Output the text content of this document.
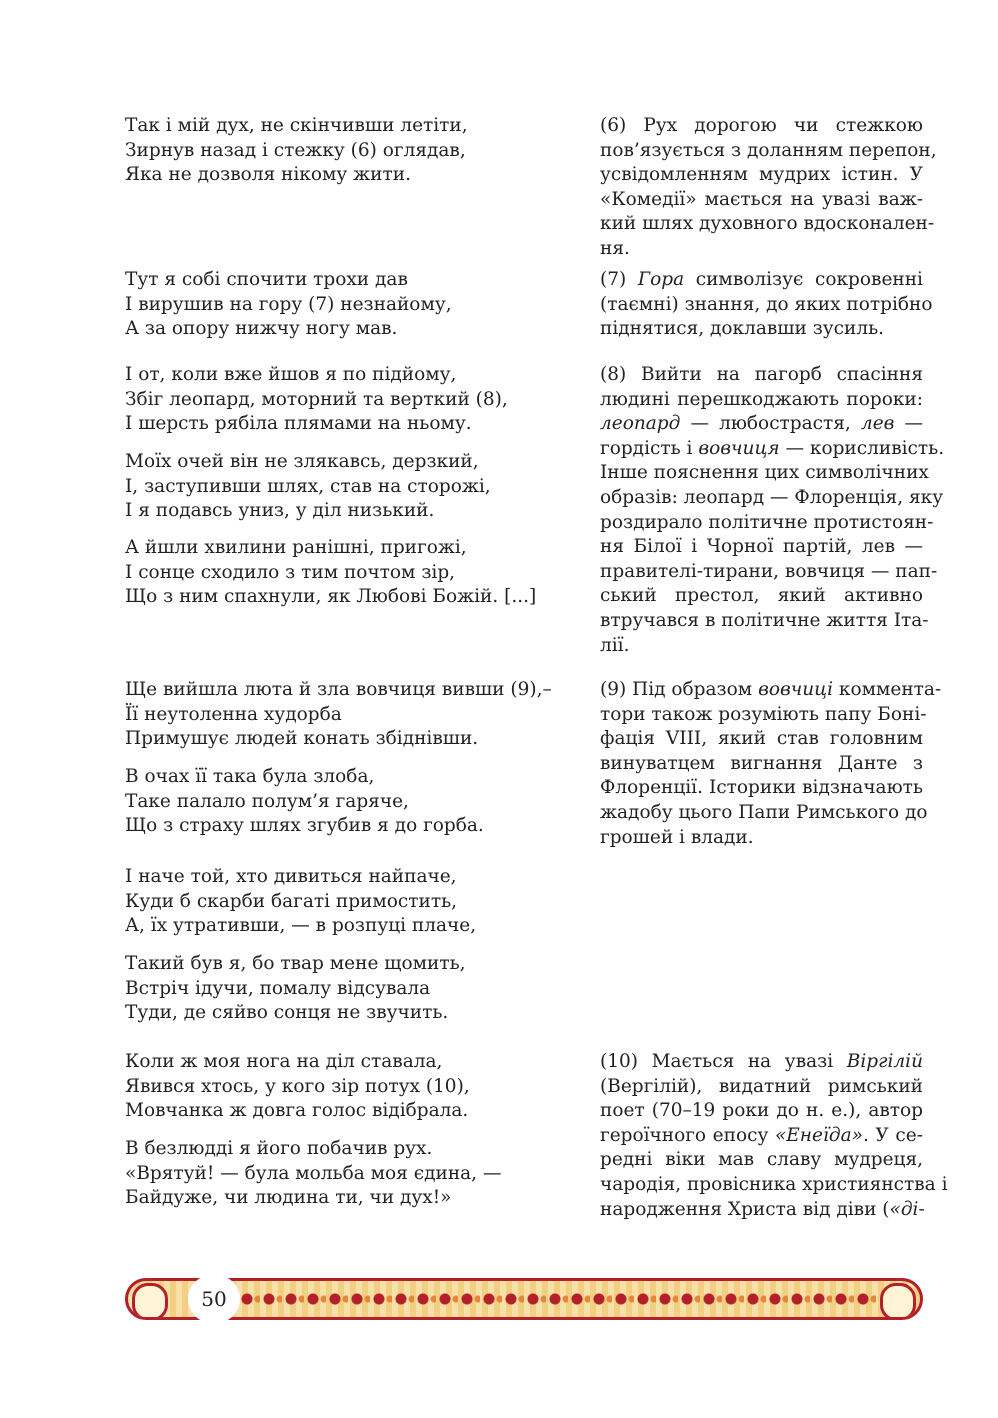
Так і мій дух, не скінчивши летіти,
Зирнув назад і стежку (6) оглядав,
Яка не дозволя нікому жити.
Тут я собі спочити трохи дав
І вирушив на гору (7) незнайому,
А за опору нижчу ногу мав.
І от, коли вже йшов я по підйому,
Збіг леопард, моторний та верткий (8),
І шерсть рябіла плямами на ньому.
Моїх очей він не злякавсь, дерзкий,
І, заступивши шлях, став на сторожі,
І я подавсь униз, у діл низький.
А йшли хвилини ранішні, пригожі,
І сонце сходило з тим почтом зір,
Що з ним спахнули, як Любові Божій. [...]
Ще вийшла люта й зла вовчиця вивши (9),–
Її неутоленна худорба
Примушує людей конать збіднівши.
В очах її така була злоба,
Таке палало полум’я гаряче,
Що з страху шлях згубив я до горба.
І наче той, хто дивиться найпаче,
Куди б скарби багаті примостить,
А, їх утративши, — в розпуці плаче,
Такий був я, бо твар мене щомить,
Встріч ідучи, помалу відсувала
Туди, де сяйво сонця не звучить.
Коли ж моя нога на діл ставала,
Явився хтось, у кого зір потух (10),
Мовчанка ж довга голос відібрала.
В безлюдді я його побачив рух.
«Врятуй! — була мольба моя єдина, —
Байдуже, чи людина ти, чи дух!»
(6) Рух дорогою чи стежкою
пов’язується з доланням перепон,
усвідомленням мудрих істин. У
«Комедії» мається на увазі важ-
кий шлях духовного вдосконален-
ня.
(7) Гора символізує сокровенні
(таємні) знання, до яких потрібно
піднятися, доклавши зусиль.
(8) Вийти на пагорб спасіння
людині перешкоджають пороки:
леопард — любострастя, лев —
гордість і вовчиця — корисливість.
Інше пояснення цих символічних
образів: леопард — Флоренція, яку
роздирало політичне протистоян-
ня Білої і Чорної партій, лев —
правителі-тирани, вовчиця — пап-
ський престол, який активно
втручався в політичне життя Іта-
лії.
(9) Під образом вовчиці коммента-
тори також розуміють папу Боні-
фація VIII, який став головним
винуватцем вигнання Данте з
Флоренції. Історики відзначають
жадобу цього Папи Римського до
грошей і влади.
(10) Мається на увазі Віргілій
(Вергілій), видатний римський
поет (70–19 роки до н. е.), автор
героїчного епосу «Енеїда». У се-
редні віки мав славу мудреця,
чародія, провісника християнства і
народження Христа від діви («ді-
50
